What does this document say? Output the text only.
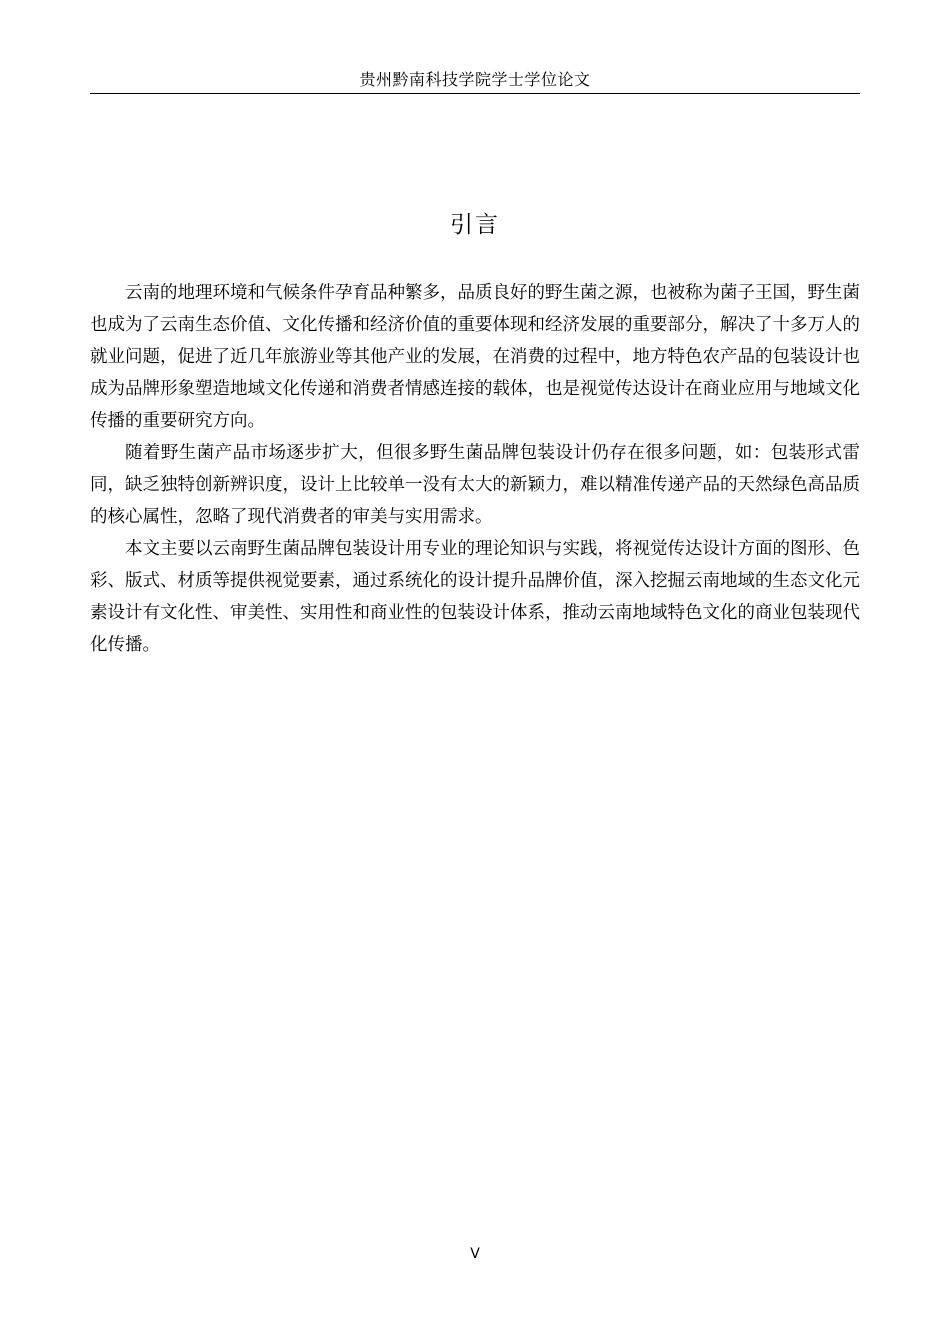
贵州黔南科技学院学士学位论文
引言

云南的地理环境和气候条件孕育品种繁多，品质良好的野生菌之源，也被称为菌子王国，野生菌也成为了云南生态价值、文化传播和经济价值的重要体现和经济发展的重要部分，解决了十多万人的就业问题，促进了近几年旅游业等其他产业的发展，在消费的过程中，地方特色农产品的包装设计也成为品牌形象塑造地域文化传递和消费者情感连接的载体，也是视觉传达设计在商业应用与地域文化传播的重要研究方向。

随着野生菌产品市场逐步扩大，但很多野生菌品牌包装设计仍存在很多问题，如：包装形式雷同，缺乏独特创新辨识度，设计上比较单一没有太大的新颖力，难以精准传递产品的天然绿色高品质的核心属性，忽略了现代消费者的审美与实用需求。

本文主要以云南野生菌品牌包装设计用专业的理论知识与实践，将视觉传达设计方面的图形、色彩、版式、材质等提供视觉要素，通过系统化的设计提升品牌价值，深入挖掘云南地域的生态文化元素设计有文化性、审美性、实用性和商业性的包装设计体系，推动云南地域特色文化的商业包装现代化传播。

V
